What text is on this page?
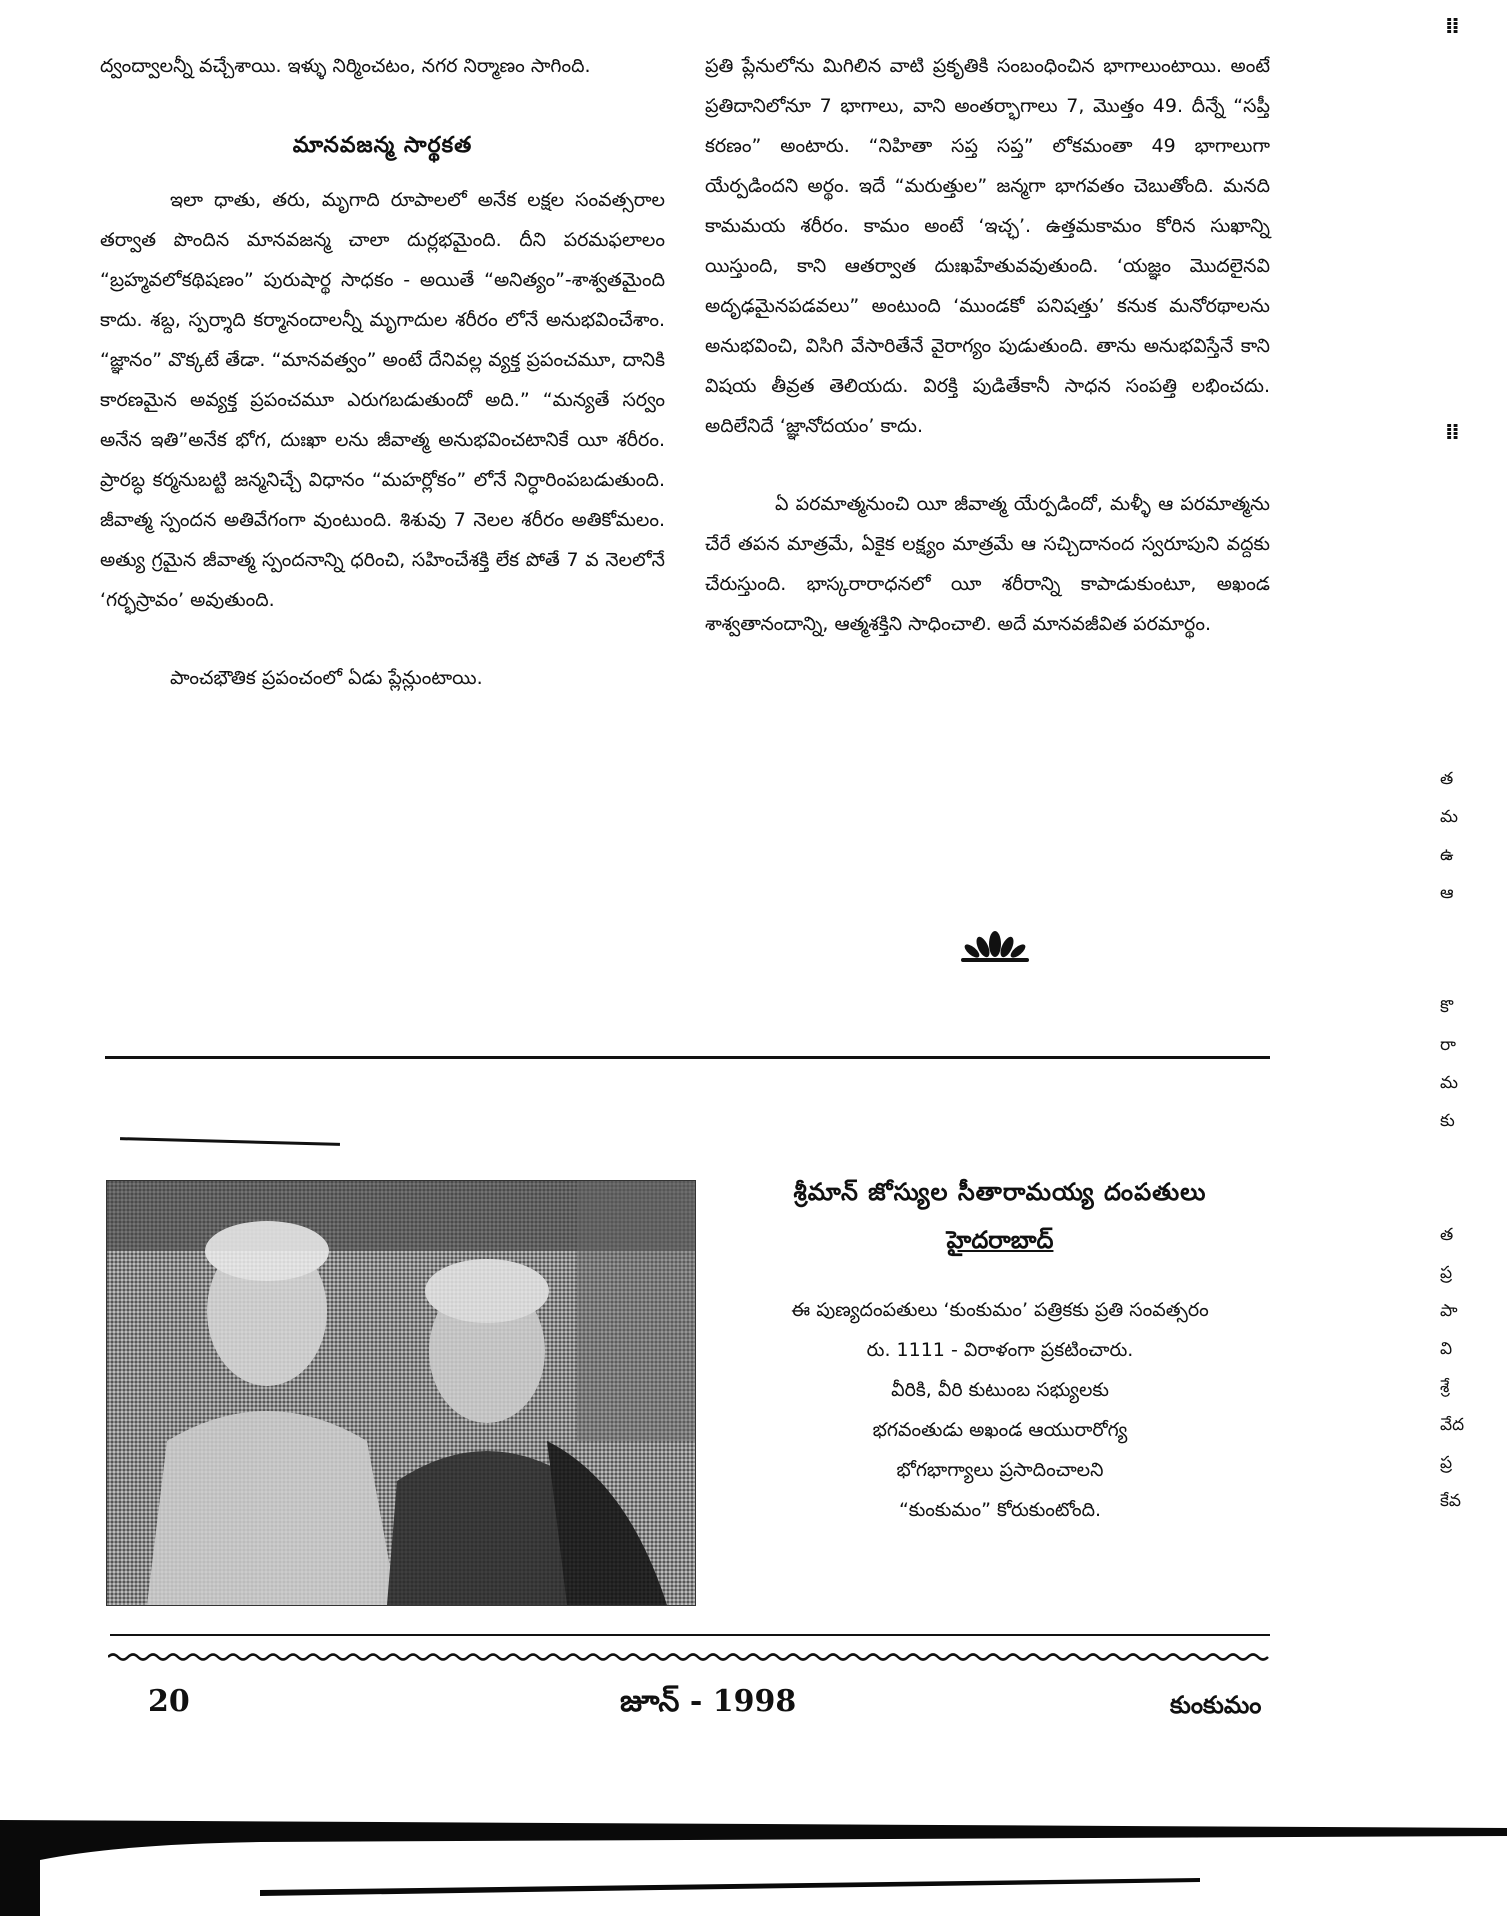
ద్వంద్వాలన్నీ వచ్చేశాయి. ఇళ్ళు నిర్మించటం, నగర నిర్మాణం సాగింది.

మానవజన్మ సార్థకత

ఇలా ధాతు, తరు, మృగాది రూపాలలో అనేక లక్షల సంవత్సరాల తర్వాత పొందిన మానవజన్మ చాలా దుర్లభమైంది. దీని పరమఫలాలం “బ్రహ్మవలోకథిషణం” పురుషార్థ సాధకం - అయితే “అనిత్యం”-శాశ్వతమైంది కాదు. శబ్ద, స్పర్శాది కర్మానందాలన్నీ మృగాదుల శరీరం లోనే అనుభవించేశాం. “జ్ఞానం” వొక్కటే తేడా. “మానవత్వం” అంటే దేనివల్ల వ్యక్త ప్రపంచమూ, దానికి కారణమైన అవ్యక్త ప్రపంచమూ ఎరుగబడుతుందో అది.” “మన్యతే సర్వం అనేన ఇతి”అనేక భోగ, దుఃఖా లను జీవాత్మ అనుభవించటానికే యీ శరీరం. ప్రారబ్ధ కర్మనుబట్టి జన్మనిచ్చే విధానం “మహర్లోకం” లోనే నిర్ధారింపబడుతుంది. జీవాత్మ స్పందన అతివేగంగా వుంటుంది. శిశువు 7 నెలల శరీరం అతికోమలం. అత్యు గ్రమైన జీవాత్మ స్పందనాన్ని ధరించి, సహించేశక్తి లేక పోతే 7 వ నెలలోనే ‘గర్భస్రావం’ అవుతుంది.

పాంచభౌతిక ప్రపంచంలో ఏడు ప్లేన్లుంటాయి.

ప్రతి ప్లేనులోను మిగిలిన వాటి ప్రకృతికి సంబంధించిన భాగాలుంటాయి. అంటే ప్రతిదానిలోనూ 7 భాగాలు, వాని అంతర్భాగాలు 7, మొత్తం 49. దీన్నే “సప్తీ కరణం” అంటారు. “నిహితా సప్త సప్త” లోకమంతా 49 భాగాలుగా యేర్పడిందని అర్థం. ఇదే “మరుత్తుల” జన్మగా భాగవతం చెబుతోంది. మనది కామమయ శరీరం. కామం అంటే ‘ఇచ్ఛ’. ఉత్తమకామం కోరిన సుఖాన్ని యిస్తుంది, కాని ఆతర్వాత దుఃఖహేతువవుతుంది. ‘యజ్ఞం మొదలైనవి అదృఢమైనపడవలు” అంటుంది ‘ముండకో పనిషత్తు’ కనుక మనోరథాలను అనుభవించి, విసిగి వేసారితేనే వైరాగ్యం పుడుతుంది. తాను అనుభవిస్తేనే కాని విషయ తీవ్రత తెలియదు. విరక్తి పుడితేకానీ సాధన సంపత్తి లభించదు. అదిలేనిదే ‘జ్ఞానోదయం’ కాదు.

ఏ పరమాత్మనుంచి యీ జీవాత్మ యేర్పడిందో, మళ్ళీ ఆ పరమాత్మను చేరే తపన మాత్రమే, ఏకైక లక్ష్యం మాత్రమే ఆ సచ్చిదానంద స్వరూపుని వద్దకు చేరుస్తుంది. భాస్కరారాధనలో యీ శరీరాన్ని కాపాడుకుంటూ, అఖండ శాశ్వతానందాన్ని, ఆత్మశక్తిని సాధించాలి. అదే మానవజీవిత పరమార్థం.

శ్రీమాన్ జోస్యుల సీతారామయ్య దంపతులు
హైదరాబాద్
ఈ పుణ్యదంపతులు ‘కుంకుమం’ పత్రికకు ప్రతి సంవత్సరం
రు. 1111 - విరాళంగా ప్రకటించారు.
వీరికి, వీరి కుటుంబ సభ్యులకు
భగవంతుడు అఖండ ఆయురారోగ్య
భోగభాగ్యాలు ప్రసాదించాలని
“కుంకుమం” కోరుకుంటోంది.
20	జూన్ - 1998	కుంకుమం
⁞⁞
⁞⁞
త
మ
ఉ
ఆ
కొ
రా
మ
కు
త
ప్ర
పా
వి
శ్రే
వేద
ప్ర
కేవ
